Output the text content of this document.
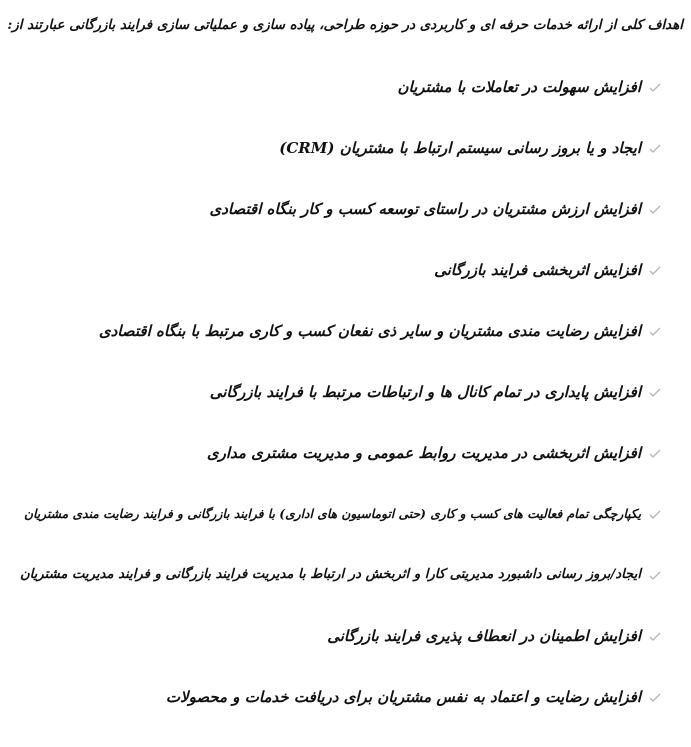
اهداف کلی از ارائه خدمات حرفه ای و کاربردی در حوزه طراحی، پیاده سازی و عملیاتی سازی فرایند بازرگانی عبارتند از:
افزایش سهولت در تعاملات با مشتریان
ایجاد و یا بروز رسانی سیستم ارتباط با مشتریان (CRM)
افزایش ارزش مشتریان در راستای توسعه کسب و کار بنگاه اقتصادی
افزایش اثربخشی فرایند بازرگانی
افزایش رضایت مندی مشتریان و سایر ذی نفعان کسب و کاری مرتبط با بنگاه اقتصادی
افزایش پایداری در تمام کانال ها و ارتباطات مرتبط با فرایند بازرگانی
افزایش اثربخشی در مدیریت روابط عمومی و مدیریت مشتری مداری
یکپارچگی تمام فعالیت های کسب و کاری (حتی اتوماسیون های اداری) با فرایند بازرگانی و فرایند رضایت مندی مشتریان
ایجاد/بروز رسانی داشبورد مدیریتی کارا و اثربخش در ارتباط با مدیریت فرایند بازرگانی و فرایند مدیریت مشتریان
افزایش اطمینان در انعطاف پذیری فرایند بازرگانی
افزایش رضایت و اعتماد به نفس مشتریان برای دریافت خدمات و محصولات
